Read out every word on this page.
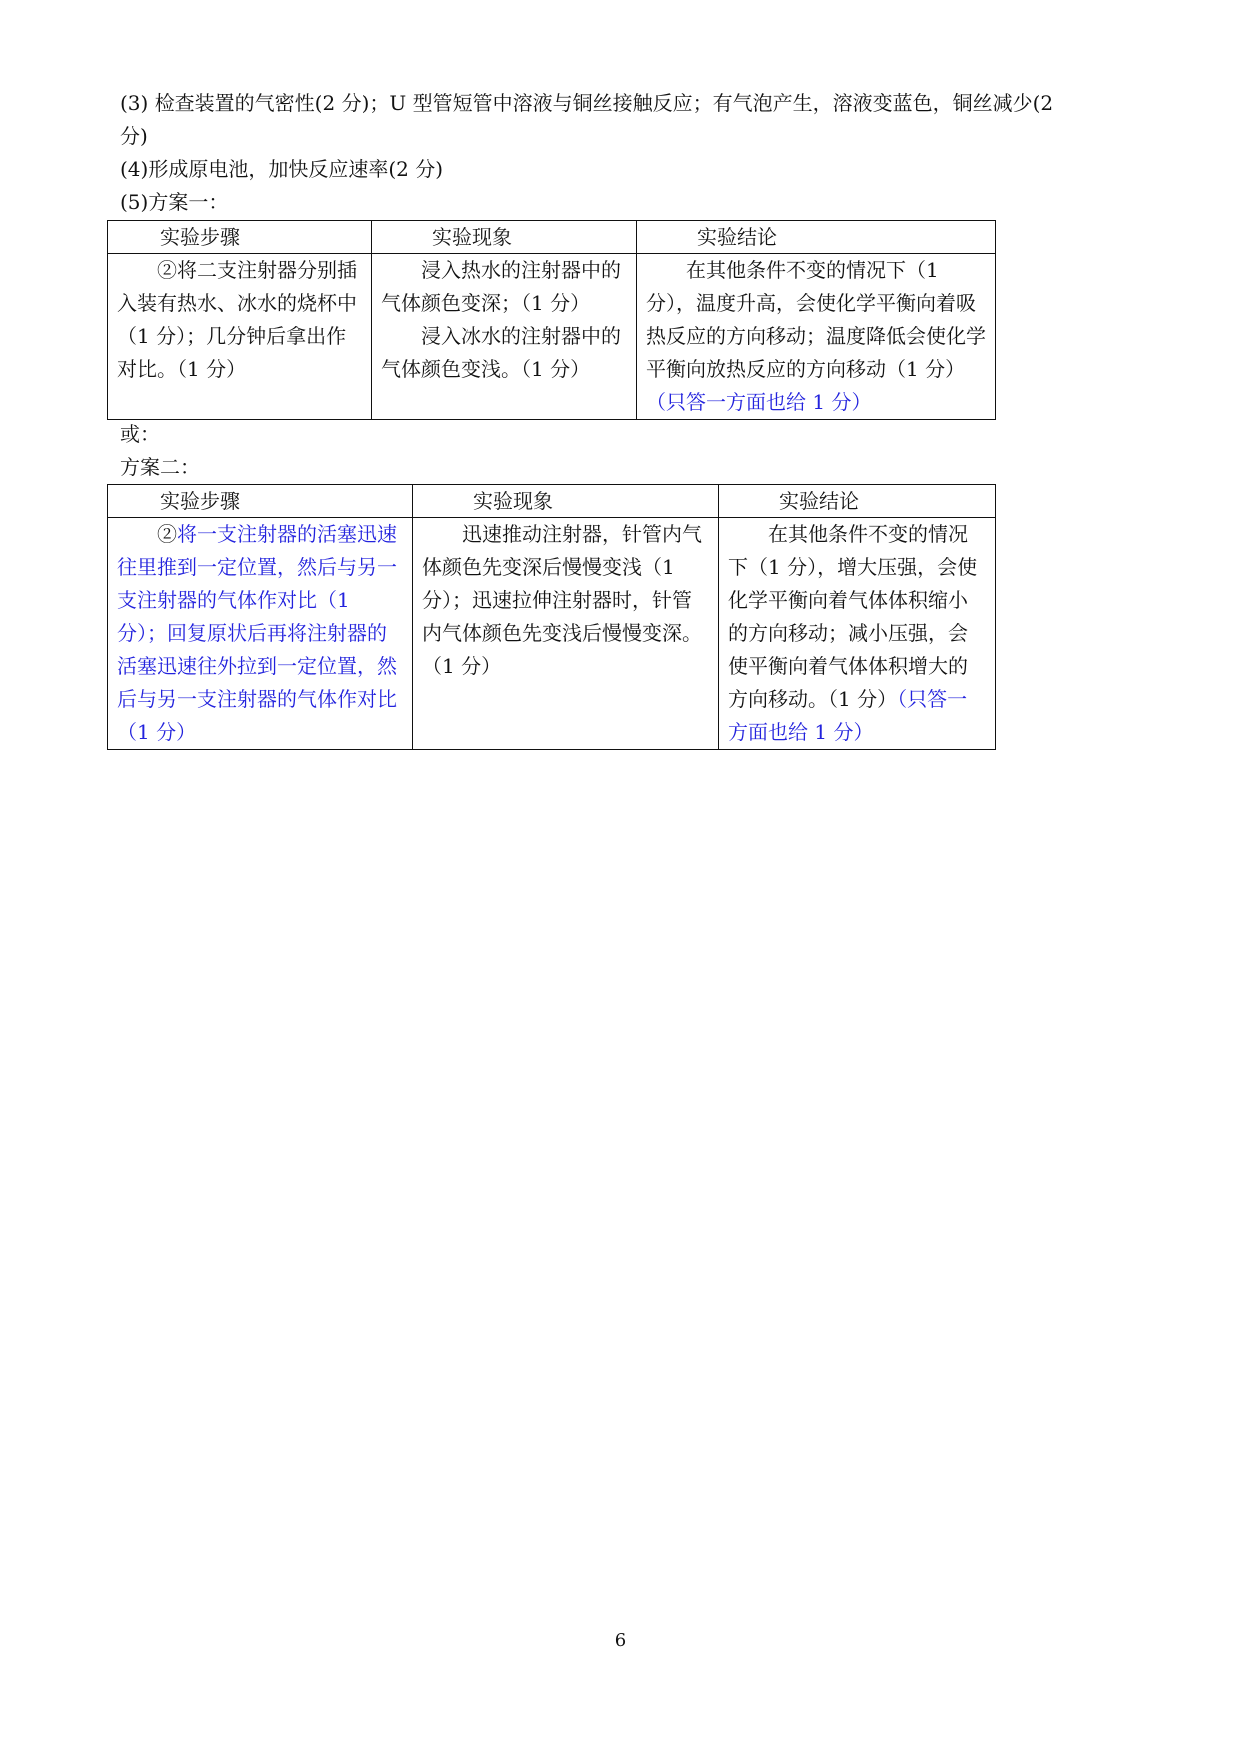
(3) 检查装置的气密性(2 分)；U 型管短管中溶液与铜丝接触反应；有气泡产生，溶液变蓝色，铜丝减少(2
分)
(4)形成原电池，加快反应速率(2 分)
(5)方案一：
实验步骤	实验现象	实验结论

②将二支注射器分别插入装有热水、冰水的烧杯中（1 分）；几分钟后拿出作对比。（1 分）	浸入热水的注射器中的气体颜色变深；（1 分）

浸入冰水的注射器中的气体颜色变浅。（1 分）	在其他条件不变的情况下（1 分），温度升高，会使化学平衡向着吸热反应的方向移动；温度降低会使化学平衡向放热反应的方向移动（1 分）（只答一方面也给 1 分）

或：
方案二：
实验步骤	实验现象	实验结论

②将一支注射器的活塞迅速往里推到一定位置，然后与另一支注射器的气体作对比（1 分）；回复原状后再将注射器的活塞迅速往外拉到一定位置，然后与另一支注射器的气体作对比（1 分）	迅速推动注射器，针管内气体颜色先变深后慢慢变浅（1 分）；迅速拉伸注射器时，针管内气体颜色先变浅后慢慢变深。（1 分）	在其他条件不变的情况下（1 分），增大压强，会使化学平衡向着气体体积缩小的方向移动；减小压强，会使平衡向着气体体积增大的方向移动。（1 分）（只答一方面也给 1 分）

6
